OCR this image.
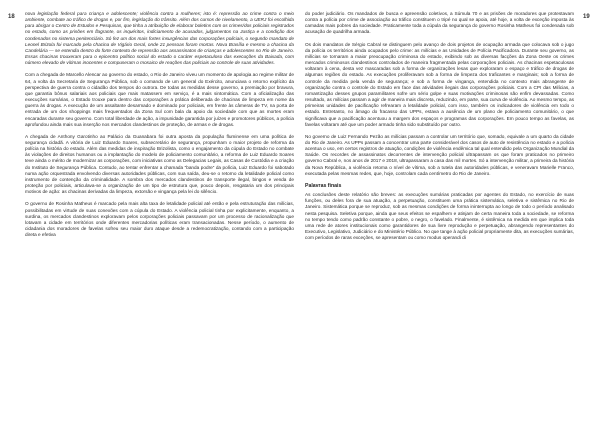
18	19

nova legislação federal para criança e adolescente; violência contra a mulheres; isto é: repressão ao crime contra o meio ambiente, combate ao tráfico de drogas e, por fim, legislação do trânsito. Além dos cursos de nivelamento, a UERJ foi escolhida para abrigar o Centro de Estudos e Pesquisas, que tinha a atribuição de elaborar boletins com os crimes/dos policiais registrados no estado, como as prisões em flagrante, os inquéritos, indiciamento de acusados, julgamentos na Justiça e a condição dos condenados no sistema penitenciário. Só fez um dos mais fortes insurgências das corporações policiais, o segundo mandato de Leonel Brizola foi marcado pela chacina de Vigário Geral, onde 21 pessoas foram mortas. Nova Brasília e mesmo a chacina da Candelária — se estendia dentro do forte contexto de repressão aos assassinatos de crianças e adolescentes no Rio de Janeiro. Essas chacinas trouxeram para o epicentro político social do estado o caráter espetaculoso das execuções da Baixada, com número elevado de vítimas inocentes e compuseram o mosaico de reações das policiais ao controle de suas atividades.

Com a chegada de Marcello Alencar ao governo do estado, o Rio de Janeiro viveu um momento de apologia ao regime militar de 64, a volta da Secretaria de Segurança Pública, sob o comando de um general do Exército, anunciava o retorno explícito da perspectiva de guerra contra o cidadão dos tempos do outrora. De todas as medidas desse governo, a premiação por bravura, que garantia bônus salariais aos policiais que mais matassem em serviço, é a mais sintomática. Com a oficialização das execuções sumárias, o Estado trouxe para dentro das corporações a prática deliberada de chacinas de limpeza em nome da guerra às drogas. A execução de um assaltante desarmado e dominado por policiais, em frente às câmeras de TV, na porta de entrada de um dos shoppings mais frequentados da Zona Sul com bala da apoio da sociedade com que as mortes eram encaradas durante seu governo. Com total liberdade de ação, a impunidade garantida por juízes e promotores públicos, a polícia aprofundou ainda mais sua inserção nos mercados clandestinos de proteção, de armas e de drogas.

A chegada de Anthony Garotinho ao Palácio da Guanabara foi outra aposta da população fluminense em uma política de segurança cidadã. A vitória de Luiz Eduardo Soares, subsecretário de segurança, propunham o maior projeto de reforma da polícia na história do estado. Além das medidas de inspiração Brizolista, como o engajamento da cúpula do Estado no combate às violações de direitos humanos ou a implantação do modelo de policiamento comunitário, a reforma de Luiz Eduardo Soares teve ainda o mérito de modernizar as corporações, com iniciativas como as Delegacias Legais, as Casas de Custódia e a criação do Instituto de Segurança Pública. Contudo, ao tentar enfrentar a chamada “banda podre” da polícia, Luiz Eduardo foi sabotado numa ação orquestrada envolvendo diversas autoridades públicas, com sua saída, deu-se o retorno da letalidade policial como instrumento de contenção da criminalidade. A sombra dos mercados clandestinos de transporte ilegal, bingos e venda de proteção por policiais, articulava-se a organização de um tipo de estrutura que, pouco depois, resgataria um dos principais motivos de ação: as chacinas derivadas da limpeza, extorsão e vingança pela lei do silêncio.

O governo de Rosinha Matheus é marcado pela mais alta taxa de letalidade policial até então e pela estruturação das milícias, possibilitadas em virtude de suas conexões com a cúpula do Estado. A violência policial tinha por explicitamente, enquanto, a surdina, os mercados clandestinos exploravam pelos corporações policiais passavam por um processo de racionalização que lotavam a cidade em territórios onde diferentes mercadorias políticas eram transacionadas. Nesse período, o aumento de cidadania dos moradores de favelas sofreu seu maior duro ataque desde a redemocratização, contando com a participação direta e efetiva

do poder judiciário. Os mandados de busca e apreensão coletivos, a Súmula 70 e as prisões de moradores que protestavam contra a polícia por crime de associação ao tráfico constituem o tripé no qual se apoia, até hoje, a volta de exceção imposta às camadas mais pobres da sociedade. Praticamente toda a cúpula da segurança do governo Rosinha Matheus foi condenada sob acusação de quadrilha armada.

Os dois mandatos de Sérgio Cabral se distinguem pelo avanço de dois projetos de ocupação armada que colocava sob o jugo da polícia os territórios ainda ocupados pelo crime: as milícias e as Unidades de Polícia Pacificadora. Durante seu governo, as milícias se tornaram a maior preocupação criminosa do estado, exibindo sob as diversas facções da Zona Oeste os crimes mercados criminosos clandestinos controlados de maneira fragmentada pelas corporações policiais. As chacinas espetaculosas voltaram à cena, desta vez mascaradas sob a forma de organizações lesas que exploraram o espaço e tráfico de drogas de algumas regiões do estado. As execuções proliferavam sob a forma de limpeza dos traficantes e marginais; sob a forma de controle da medida pela venda de segurança; e sob a forma de vingança, entendida no contexto mais abrangente de organização contra o controle do Estado em face das atividades ilegais das corporações policiais. Com a CPI das Milícias, a romantização desses grupos paramilitares sofre um sério golpe e suas motivações criminosas são enfim devassadas. Como resultado, as milícias passam a agir de maneira mais discreta, reduzindo, em parte, sua curva de violência. Ao mesmo tempo, as primeiras unidades de pacificação refrearam a letalidade policial, com isso, também os indicadores de violência em todo o estado. Entretanto, no âmago do fracasso das UPPs, estava a ausência de um plano de policiamento comunitário, o que significava que a pacificação acentuou a margem dos espaços e programas das corporações. Em pouco tempo as favelas, as favelas voltaram até que um poder armado tinha sido substituído por outro.

No governo de Luiz Fernando Pezão as milícias passam a controlar um território que, somado, equivale a um quarto da cidade do Rio de Janeiro. As UPPs passam a concentrar uma parte considerável dos casos de auto de resistência no estado e a polícia acentua o uso, em certos registros de atuação, condições de violência endêmica tal qual entendido pela Organização Mundial da Saúde. Os recordes de assassinatos decorrentes de intervenção policial ultrapassam os que foram praticados no primeiro governo Cabral e, nos anos de 2017 e 2018, ultrapassaram a casa das mil mortes. Só a intervenção militar, a primeira da história da Nova República, a violência retoma o nível de vítima, sob a tutela das autoridades públicas, e veneravam Marielle Franco, executada pelas mesmas redes, que, hoje, controlam cada centímetro do Rio de Janeiro.

Palavras finais

As conclusões deste relatório são breves: as execuções sumárias praticadas por agentes do Estado, no exercício de suas funções, ou deles fora de sua atuação, a perpetuação, constituem uma prática sistemática, seletiva e sistêmica no Rio de Janeiro. Sistemática porque se reproduz, sob as mesmas condições de forma ininterrupta ao longo de todo o período analisado nesta pesquisa. Seletiva porque, ainda que seus efeitos se espalhem e atinjam de certa maneira toda a sociedade, se reforma no tempo tendo como padrão constante o pobre, o negro, o favelado. Finalmente, é sistêmica na medida em que implica toda uma rede de atores institucionais como garantidores de sua livre reprodução e perpetuação, abrangendo representantes do Executivo, Legislativo, Judiciário e do Ministério Público. No que tange à ação policial propriamente dita, as execuções sumárias, com períodos de raras exceções, se apresentam ou como modus operandi di
